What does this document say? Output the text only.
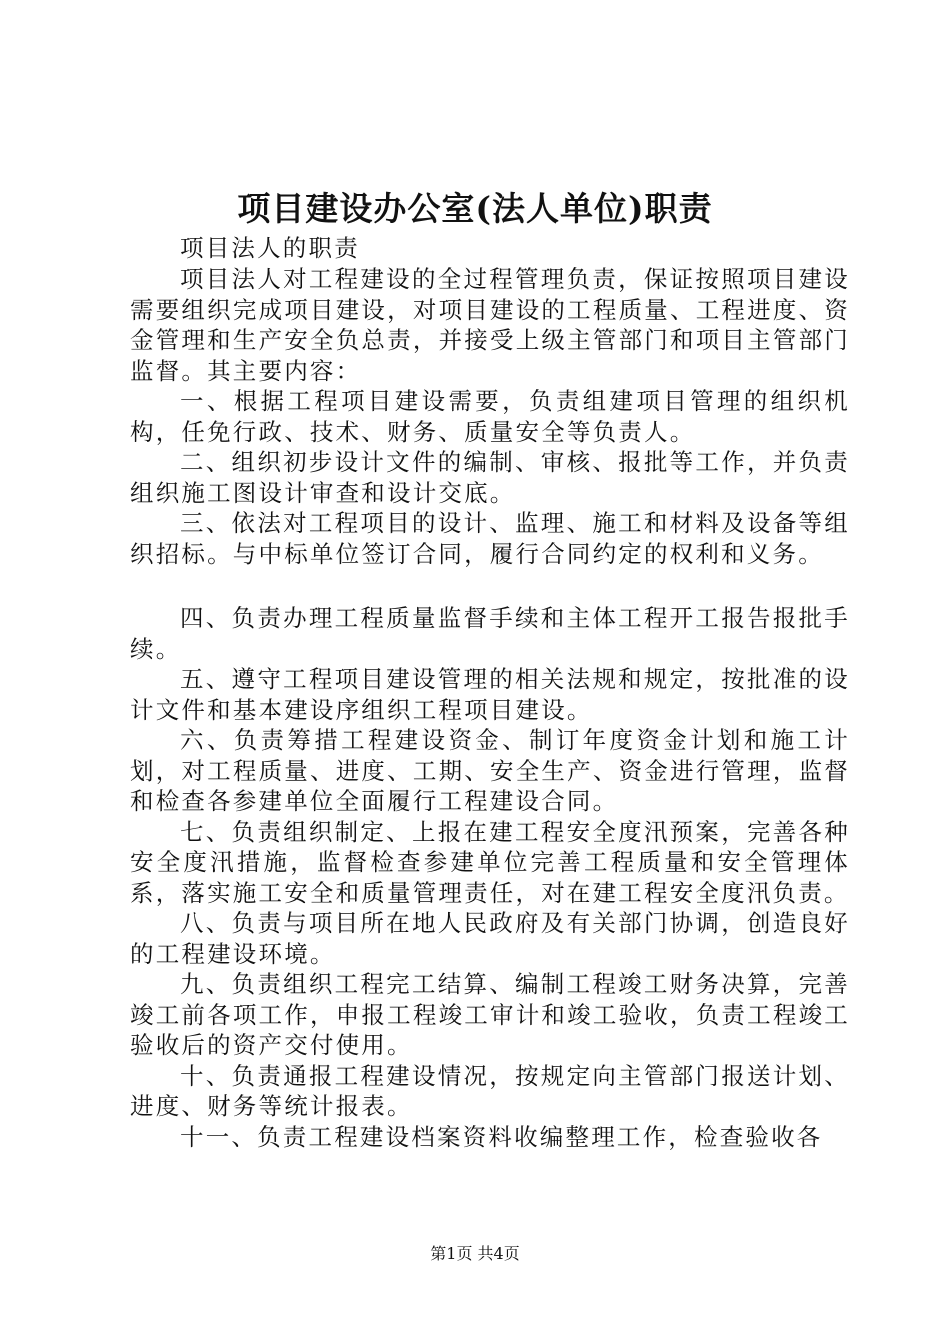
项目建设办公室(法人单位)职责

项目法人的职责

项目法人对工程建设的全过程管理负责，保证按照项目建设需要组织完成项目建设，对项目建设的工程质量、工程进度、资金管理和生产安全负总责，并接受上级主管部门和项目主管部门监督。其主要内容：

一、根据工程项目建设需要，负责组建项目管理的组织机构，任免行政、技术、财务、质量安全等负责人。

二、组织初步设计文件的编制、审核、报批等工作，并负责组织施工图设计审查和设计交底。

三、依法对工程项目的设计、监理、施工和材料及设备等组织招标。与中标单位签订合同，履行合同约定的权利和义务。

四、负责办理工程质量监督手续和主体工程开工报告报批手续。

五、遵守工程项目建设管理的相关法规和规定，按批准的设计文件和基本建设序组织工程项目建设。

六、负责筹措工程建设资金、制订年度资金计划和施工计划，对工程质量、进度、工期、安全生产、资金进行管理，监督和检查各参建单位全面履行工程建设合同。

七、负责组织制定、上报在建工程安全度汛预案，完善各种安全度汛措施，监督检查参建单位完善工程质量和安全管理体系，落实施工安全和质量管理责任，对在建工程安全度汛负责。

八、负责与项目所在地人民政府及有关部门协调，创造良好的工程建设环境。

九、负责组织工程完工结算、编制工程竣工财务决算，完善竣工前各项工作，申报工程竣工审计和竣工验收，负责工程竣工验收后的资产交付使用。

十、负责通报工程建设情况，按规定向主管部门报送计划、进度、财务等统计报表。

十一、负责工程建设档案资料收编整理工作，检查验收各

第1页 共4页
